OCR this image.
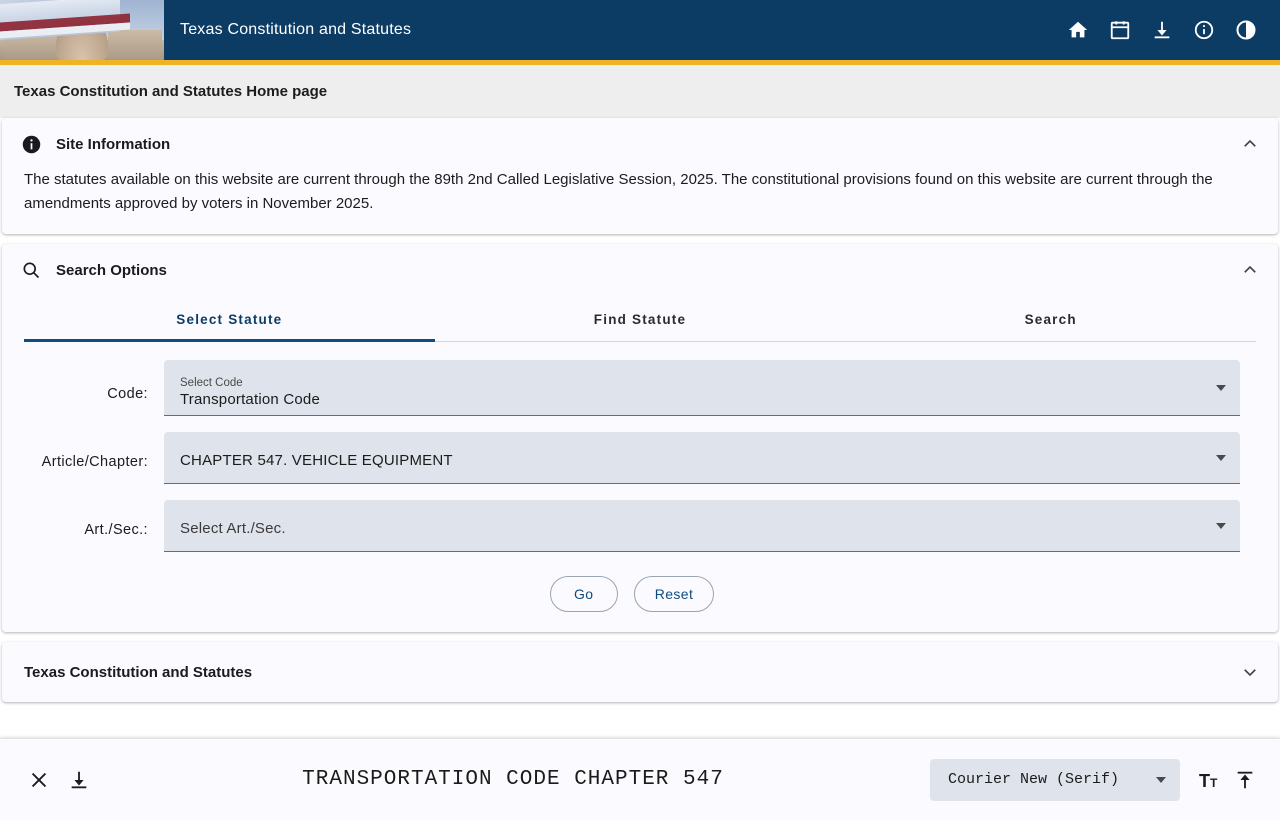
Texas Constitution and Statutes
Texas Constitution and Statutes Home page
Site Information

The statutes available on this website are current through the 89th 2nd Called Legislative Session, 2025. The constitutional provisions found on this website are current through the amendments approved by voters in November 2025.

Search Options
Select Statute	Find Statute	Search
Code:
Select Code
Transportation Code
Article/Chapter:	CHAPTER 547. VEHICLE EQUIPMENT
Art./Sec.:	Select Art./Sec.
Go	Reset
Texas Constitution and Statutes
TRANSPORTATION CODE CHAPTER 547	Courier New (Serif)	T T
